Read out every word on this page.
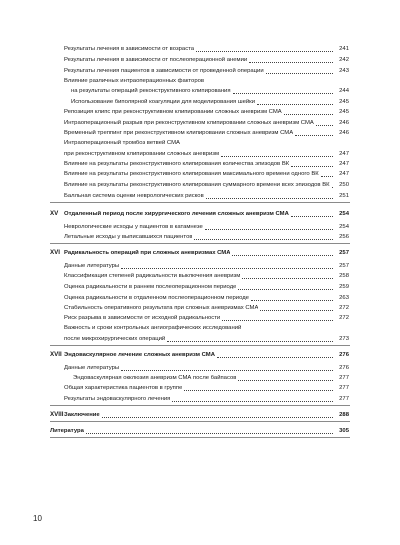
Результаты лечения в зависимости от возраста	241
Результаты лечения в зависимости от послеоперационной анемии	242
Результаты лечения пациентов в зависимости от проведенной операции	243
Влияние различных интраоперационных факторов
на результаты операций реконструктивного клипирования	244
Использование биполярной коагуляции для моделирования шейки	245
Репозиция клипс при реконструктивном клипировании сложных аневризм СМА	245
Интраоперационный разрыв при реконструктивном клипировании сложных аневризм СМА	246
Временный треппинг при реконструктивном клипировании сложных аневризм СМА	246
Интраоперационный тромбоз ветвей СМА
при реконструктивном клипировании сложных аневризм	247
Влияние на результаты реконструктивного клипирования количества эпизодов ВК	247
Влияние на результаты реконструктивного клипирования максимального времени одного ВК	247
Влияние на результаты реконструктивного клипирования суммарного времени всех эпизодов ВК	250
Балльная система оценки неврологических рисков	251
XV Отдаленный период после хирургического лечения сложных аневризм СМА	254
Неврологические исходы у пациентов в катамнезе	254
Летальные исходы у выписавшихся пациентов	256
XVI Радикальность операций при сложных аневризмах СМА	257
Данные литературы	257
Классификация степеней радикальности выключения аневризм	258
Оценка радикальности в раннем послеоперационном периоде	259
Оценка радикальности в отдаленном послеоперационном периоде	263
Стабильность оперативного результата при сложных аневризмах СМА	272
Риск разрыва в зависимости от исходной радикальности	272
Важность и сроки контрольных ангиографических исследований
после микрохирургических операций	273
XVII Эндоваскулярное лечение сложных аневризм СМА	276
Данные литературы	276
Эндоваскулярная окклюзия аневризм СМА после байпасов	277
Общая характеристика пациентов в группе	277
Результаты эндоваскулярного лечения	277
XVIII Заключение	288
Литература	305
10
